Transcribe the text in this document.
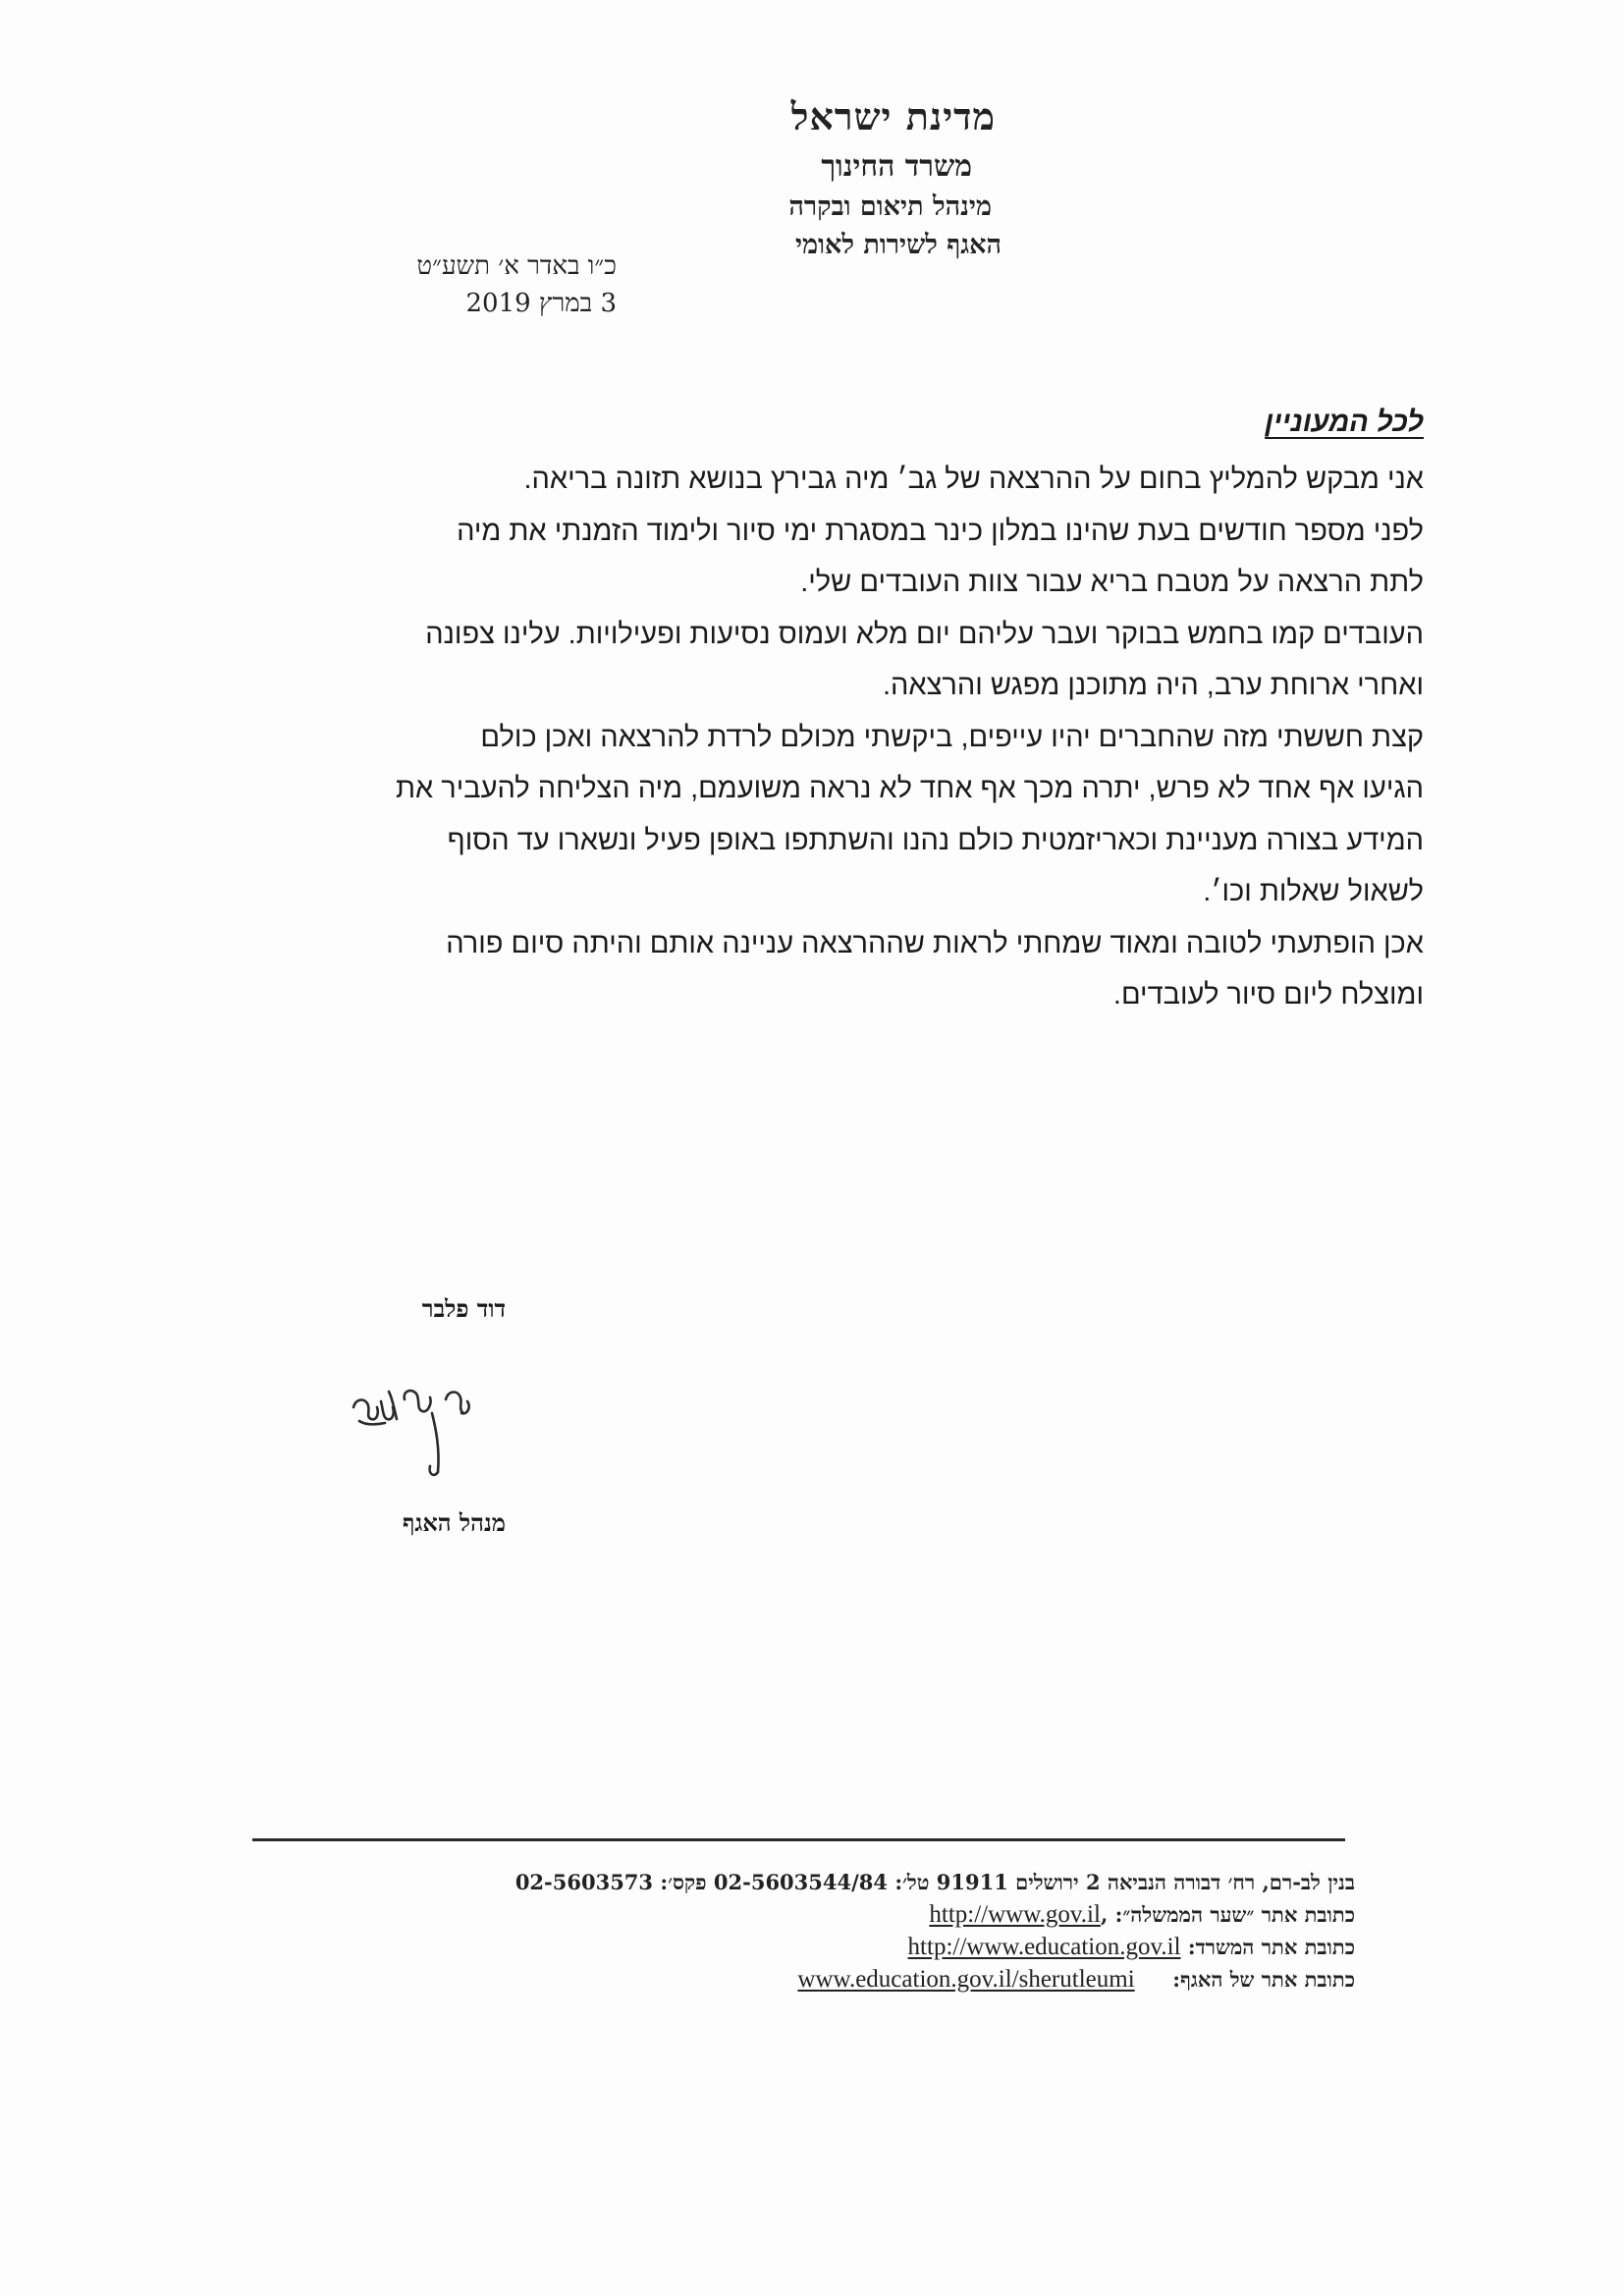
מדינת ישראל
משרד החינוך
מינהל תיאום ובקרה
האגף לשירות לאומי
כ״ו באדר א׳ תשע״ט
3 במרץ 2019
לכל המעוניין
אני מבקש להמליץ בחום על ההרצאה של גב׳ מיה גבירץ בנושא תזונה בריאה.
לפני מספר חודשים בעת שהינו במלון כינר במסגרת ימי סיור ולימוד הזמנתי את מיה
לתת הרצאה על מטבח בריא עבור צוות העובדים שלי.
העובדים קמו בחמש בבוקר ועבר עליהם יום מלא ועמוס נסיעות ופעילויות. עלינו צפונה
ואחרי ארוחת ערב, היה מתוכנן מפגש והרצאה.
קצת חששתי מזה שהחברים יהיו עייפים, ביקשתי מכולם לרדת להרצאה ואכן כולם
הגיעו אף אחד לא פרש, יתרה מכך אף אחד לא נראה משועמם, מיה הצליחה להעביר את
המידע בצורה מעניינת וכאריזמטית כולם נהנו והשתתפו באופן פעיל ונשארו עד הסוף
לשאול שאלות וכו׳.
אכן הופתעתי לטובה ומאוד שמחתי לראות שההרצאה עניינה אותם והיתה סיום פורה
ומוצלח ליום סיור לעובדים.
דוד פלבר
מנהל האגף
02-5603573 פקס׳: 02-5603544/84 בנין לב-רם, רח׳ דבורה הנביאה 2 ירושלים 91911 טל׳:
http://www.gov.il, כתובת אתר ״שער הממשלה״:
http://www.education.gov.il כתובת אתר המשרד:
www.education.gov.il/sherutleumi כתובת אתר של האגף:
